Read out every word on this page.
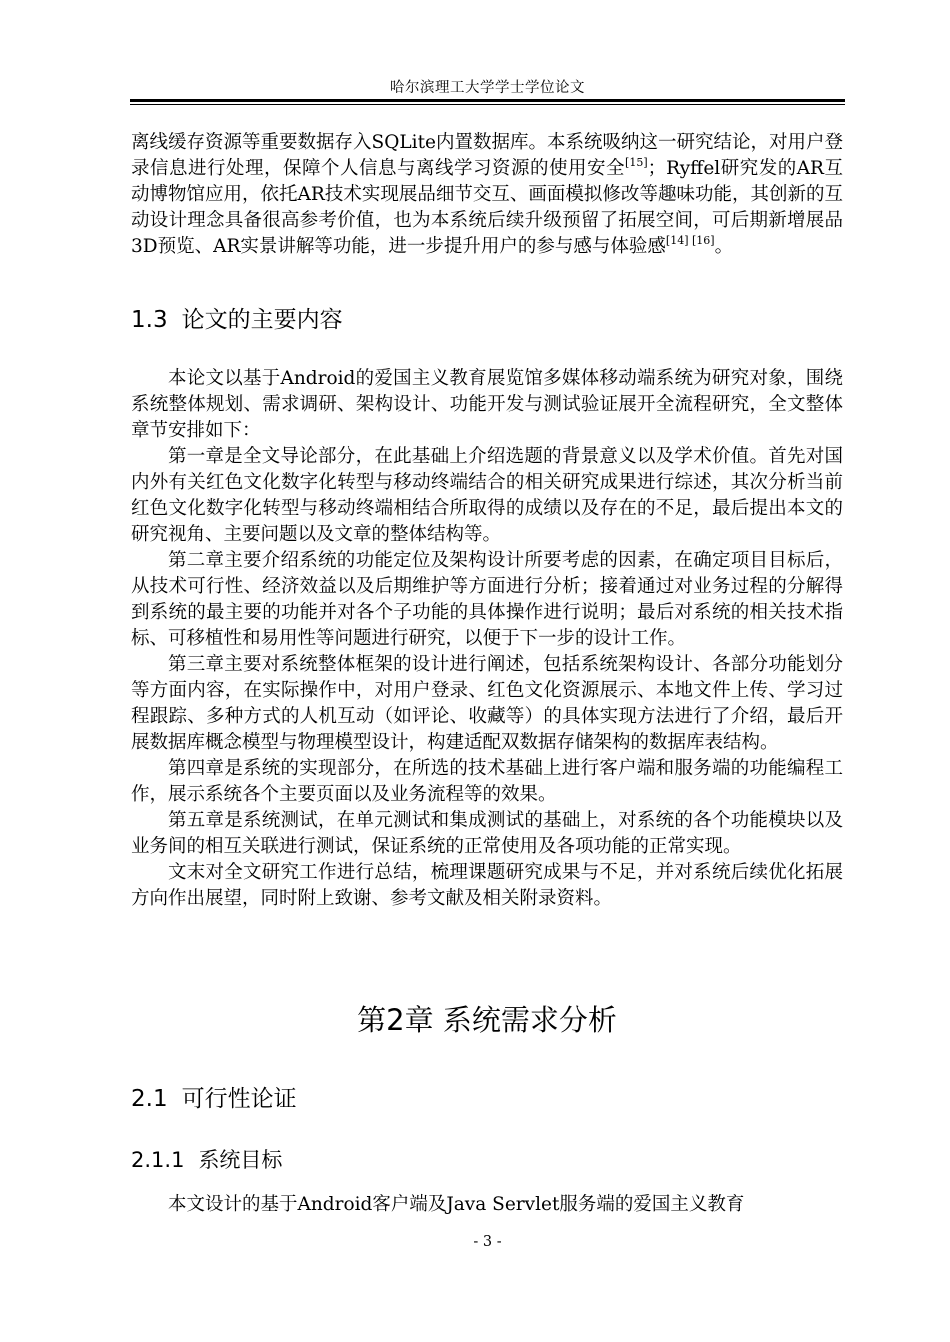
哈尔滨理工大学学士学位论文

离线缓存资源等重要数据存入SQLite内置数据库。本系统吸纳这一研究结论，对用户登录信息进行处理，保障个人信息与离线学习资源的使用安全[15]；Ryffel研究发的AR互动博物馆应用，依托AR技术实现展品细节交互、画面模拟修改等趣味功能，其创新的互动设计理念具备很高参考价值，也为本系统后续升级预留了拓展空间，可后期新增展品3D预览、AR实景讲解等功能，进一步提升用户的参与感与体验感[14] [16]。

1.3 论文的主要内容

本论文以基于Android的爱国主义教育展览馆多媒体移动端系统为研究对象，围绕系统整体规划、需求调研、架构设计、功能开发与测试验证展开全流程研究，全文整体章节安排如下：

第一章是全文导论部分，在此基础上介绍选题的背景意义以及学术价值。首先对国内外有关红色文化数字化转型与移动终端结合的相关研究成果进行综述，其次分析当前红色文化数字化转型与移动终端相结合所取得的成绩以及存在的不足，最后提出本文的研究视角、主要问题以及文章的整体结构等。

第二章主要介绍系统的功能定位及架构设计所要考虑的因素，在确定项目目标后，从技术可行性、经济效益以及后期维护等方面进行分析；接着通过对业务过程的分解得到系统的最主要的功能并对各个子功能的具体操作进行说明；最后对系统的相关技术指标、可移植性和易用性等问题进行研究，以便于下一步的设计工作。

第三章主要对系统整体框架的设计进行阐述，包括系统架构设计、各部分功能划分等方面内容，在实际操作中，对用户登录、红色文化资源展示、本地文件上传、学习过程跟踪、多种方式的人机互动（如评论、收藏等）的具体实现方法进行了介绍，最后开展数据库概念模型与物理模型设计，构建适配双数据存储架构的数据库表结构。

第四章是系统的实现部分，在所选的技术基础上进行客户端和服务端的功能编程工作，展示系统各个主要页面以及业务流程等的效果。

第五章是系统测试，在单元测试和集成测试的基础上，对系统的各个功能模块以及业务间的相互关联进行测试，保证系统的正常使用及各项功能的正常实现。

文末对全文研究工作进行总结，梳理课题研究成果与不足，并对系统后续优化拓展方向作出展望，同时附上致谢、参考文献及相关附录资料。

第2章 系统需求分析
2.1 可行性论证
2.1.1 系统目标

本文设计的基于Android客户端及Java Servlet服务端的爱国主义教育

- 3 -
